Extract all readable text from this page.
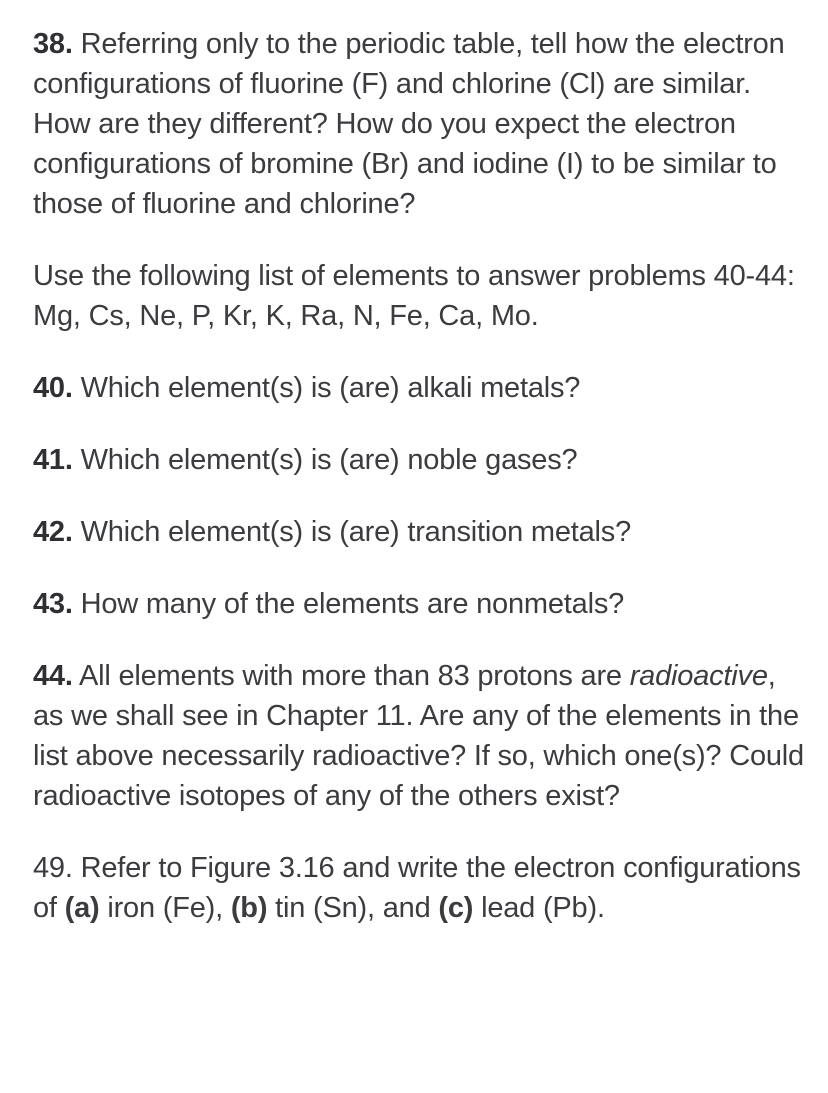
38. Referring only to the periodic table, tell how the electron configurations of fluorine (F) and chlorine (Cl) are similar. How are they different? How do you expect the electron configurations of bromine (Br) and iodine (I) to be similar to those of fluorine and chlorine?

Use the following list of elements to answer problems 40-44: Mg, Cs, Ne, P, Kr, K, Ra, N, Fe, Ca, Mo.

40. Which element(s) is (are) alkali metals?

41. Which element(s) is (are) noble gases?

42. Which element(s) is (are) transition metals?

43. How many of the elements are nonmetals?

44. All elements with more than 83 protons are radioactive, as we shall see in Chapter 11. Are any of the elements in the list above necessarily radioactive? If so, which one(s)? Could radioactive isotopes of any of the others exist?

49. Refer to Figure 3.16 and write the electron configurations of (a) iron (Fe), (b) tin (Sn), and (c) lead (Pb).
